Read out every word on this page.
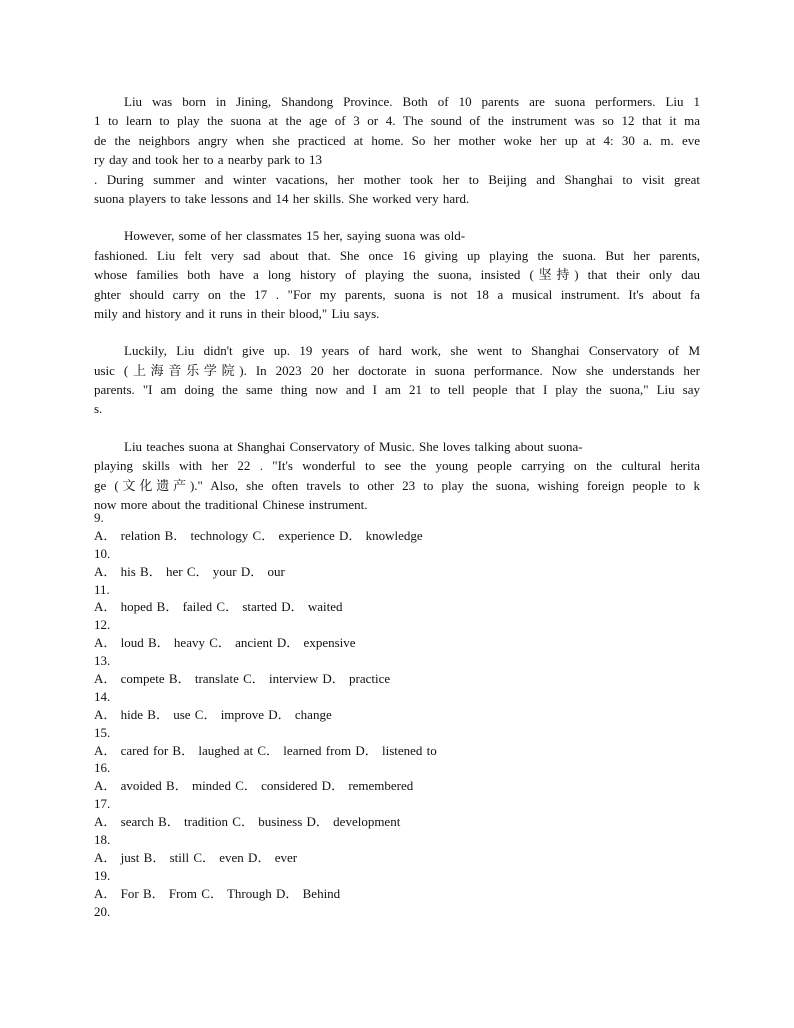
Liu was born in Jining, Shandong Province. Both of 10 parents are suona performers. Liu 1
1 to learn to play the suona at the age of 3 or 4. The sound of the instrument was so 12 that it ma
de the neighbors angry when she practiced at home. So her mother woke her up at 4: 30 a. m. eve
ry day and took her to a nearby park to 13
. During summer and winter vacations, her mother took her to Beijing and Shanghai to visit great
suona players to take lessons and 14 her skills. She worked very hard.

However, some of her classmates 15 her, saying suona was old-
fashioned. Liu felt very sad about that. She once 16 giving up playing the suona. But her parents,
whose families both have a long history of playing the suona, insisted (坚持) that their only dau
ghter should carry on the 17 . "For my parents, suona is not 18 a musical instrument. It's about fa
mily and history and it runs in their blood," Liu says.

Luckily, Liu didn't give up. 19 years of hard work, she went to Shanghai Conservatory of M
usic (上海音乐学院). In 2023 20 her doctorate in suona performance. Now she understands her
parents. "I am doing the same thing now and I am 21 to tell people that I play the suona," Liu say
s.

Liu teaches suona at Shanghai Conservatory of Music. She loves talking about suona-
playing skills with her 22 . "It's wonderful to see the young people carrying on the cultural herita
ge (文化遗产)." Also, she often travels to other 23 to play the suona, wishing foreign people to k
now more about the traditional Chinese instrument.

9.
A． relation B． technology C． experience D． knowledge
10.
A． his B． her C． your D． our
11.
A． hoped B． failed C． started D． waited
12.
A． loud B． heavy C． ancient D． expensive
13.
A． compete B． translate C． interview D． practice
14.
A． hide B． use C． improve D． change
15.
A． cared for B． laughed at C． learned from D． listened to
16.
A． avoided B． minded C． considered D． remembered
17.
A． search B． tradition C． business D． development
18.
A． just B． still C． even D． ever
19.
A． For B． From C． Through D． Behind
20.
